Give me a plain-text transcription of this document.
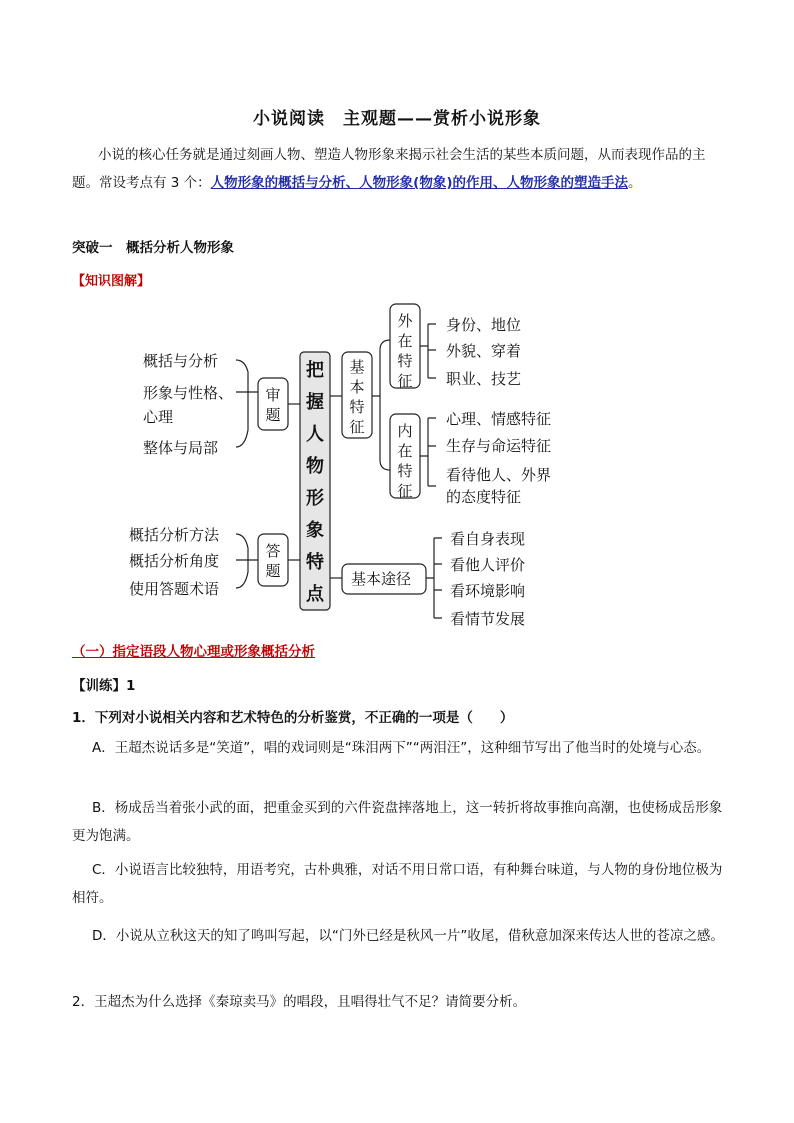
小说阅读　主观题——赏析小说形象
小说的核心任务就是通过刻画人物、塑造人物形象来揭示社会生活的某些本质问题，从而表现作品的主题。常设考点有 3 个：人物形象的概括与分析、人物形象(物象)的作用、人物形象的塑造手法。
突破一　概括分析人物形象
【知识图解】
概括与分析
形象与性格、
心理
整体与局部
概括分析方法
概括分析角度
使用答题术语
身份、地位
外貌、穿着
职业、技艺
心理、情感特征
生存与命运特征
看待他人、外界
的态度特征
看自身表现
看他人评价
看环境影响
看情节发展
基本途径
审题
答题
把握人物形象特点
基本特征
外在特征
内在特征
（一）指定语段人物心理或形象概括分析
【训练】1
1．下列对小说相关内容和艺术特色的分析鉴赏，不正确的一项是（　　）
A．王超杰说话多是“笑道”，唱的戏词则是“珠泪两下”“两泪汪”，这种细节写出了他当时的处境与心态。
B．杨成岳当着张小武的面，把重金买到的六件瓷盘摔落地上，这一转折将故事推向高潮，也使杨成岳形象更为饱满。
C．小说语言比较独特，用语考究，古朴典雅，对话不用日常口语，有种舞台味道，与人物的身份地位极为相符。
D．小说从立秋这天的知了鸣叫写起，以“门外已经是秋风一片”收尾，借秋意加深来传达人世的苍凉之感。
2．王超杰为什么选择《秦琼卖马》的唱段，且唱得壮气不足？请简要分析。
